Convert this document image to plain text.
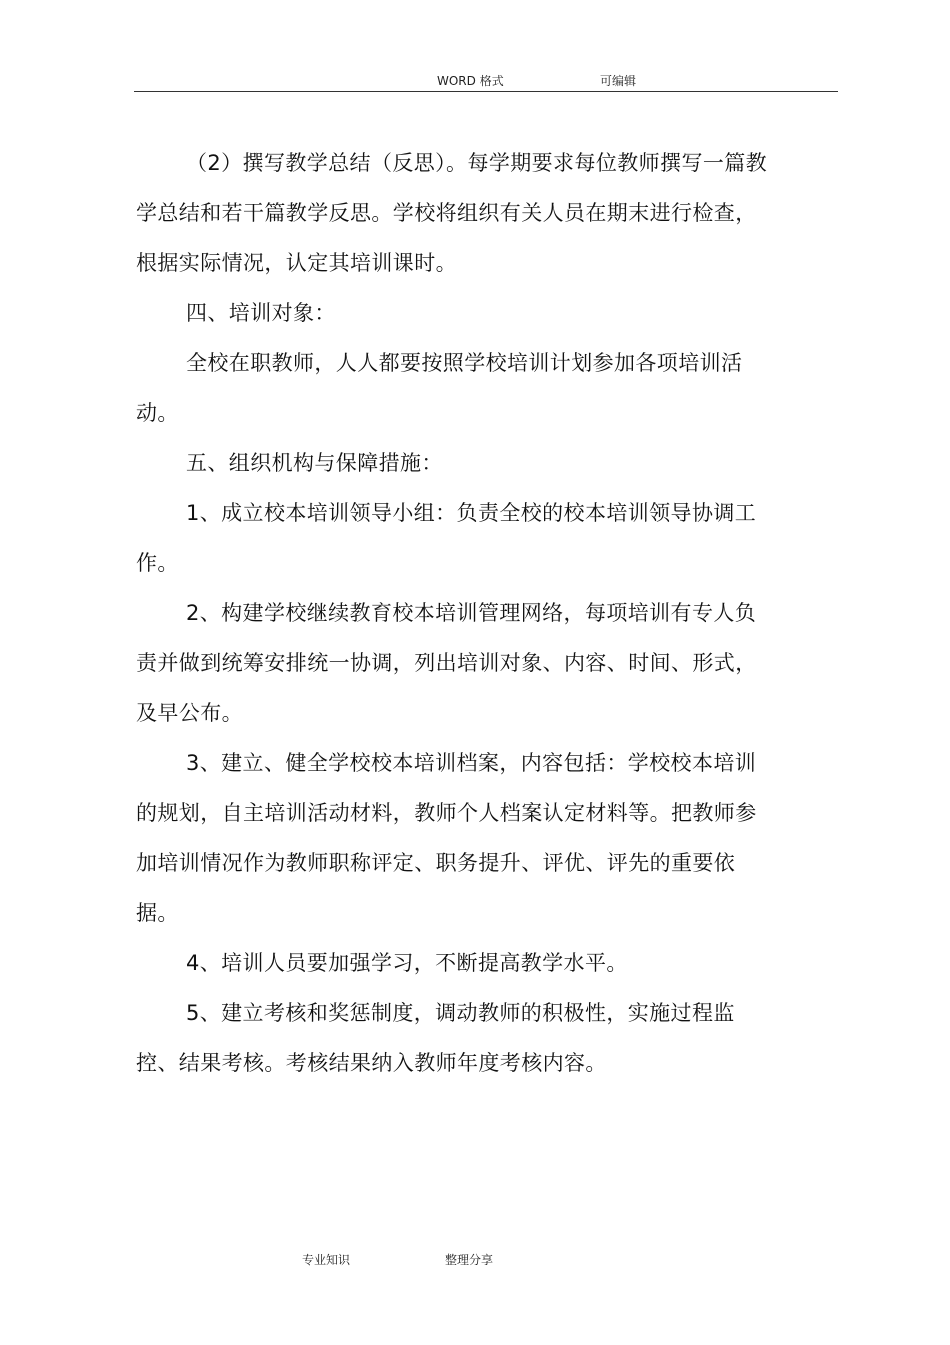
WORD 格式	可编辑

（2）撰写教学总结（反思）。每学期要求每位教师撰写一篇教学总结和若干篇教学反思。学校将组织有关人员在期末进行检查，根据实际情况，认定其培训课时。

四、培训对象：

全校在职教师，人人都要按照学校培训计划参加各项培训活动。

五、组织机构与保障措施：

1、成立校本培训领导小组：负责全校的校本培训领导协调工作。

2、构建学校继续教育校本培训管理网络，每项培训有专人负责并做到统筹安排统一协调，列出培训对象、内容、时间、形式，及早公布。

3、建立、健全学校校本培训档案，内容包括：学校校本培训的规划，自主培训活动材料，教师个人档案认定材料等。把教师参加培训情况作为教师职称评定、职务提升、评优、评先的重要依据。

4、培训人员要加强学习，不断提高教学水平。

5、建立考核和奖惩制度，调动教师的积极性，实施过程监控、结果考核。考核结果纳入教师年度考核内容。

专业知识	整理分享
